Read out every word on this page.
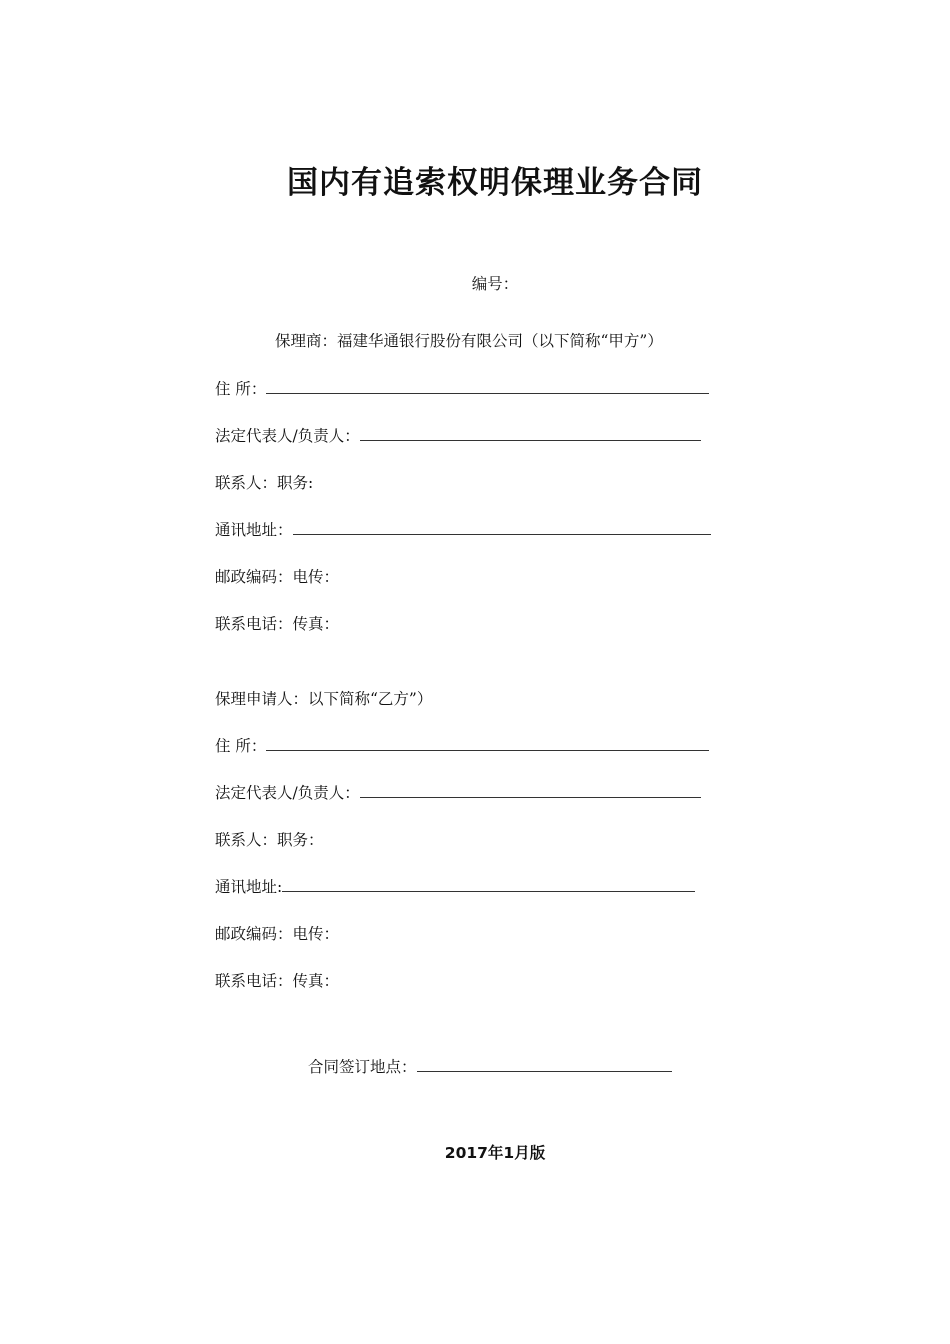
国内有追索权明保理业务合同
编号：
保理商：福建华通银行股份有限公司（以下简称“甲方”）
住 所：
法定代表人/负责人：
联系人：职务:
通讯地址：
邮政编码：电传：
联系电话：传真：
保理申请人：以下简称“乙方”）
住 所：
法定代表人/负责人：
联系人：职务：
通讯地址:
邮政编码：电传：
联系电话：传真：
合同签订地点：
2017年1月版
